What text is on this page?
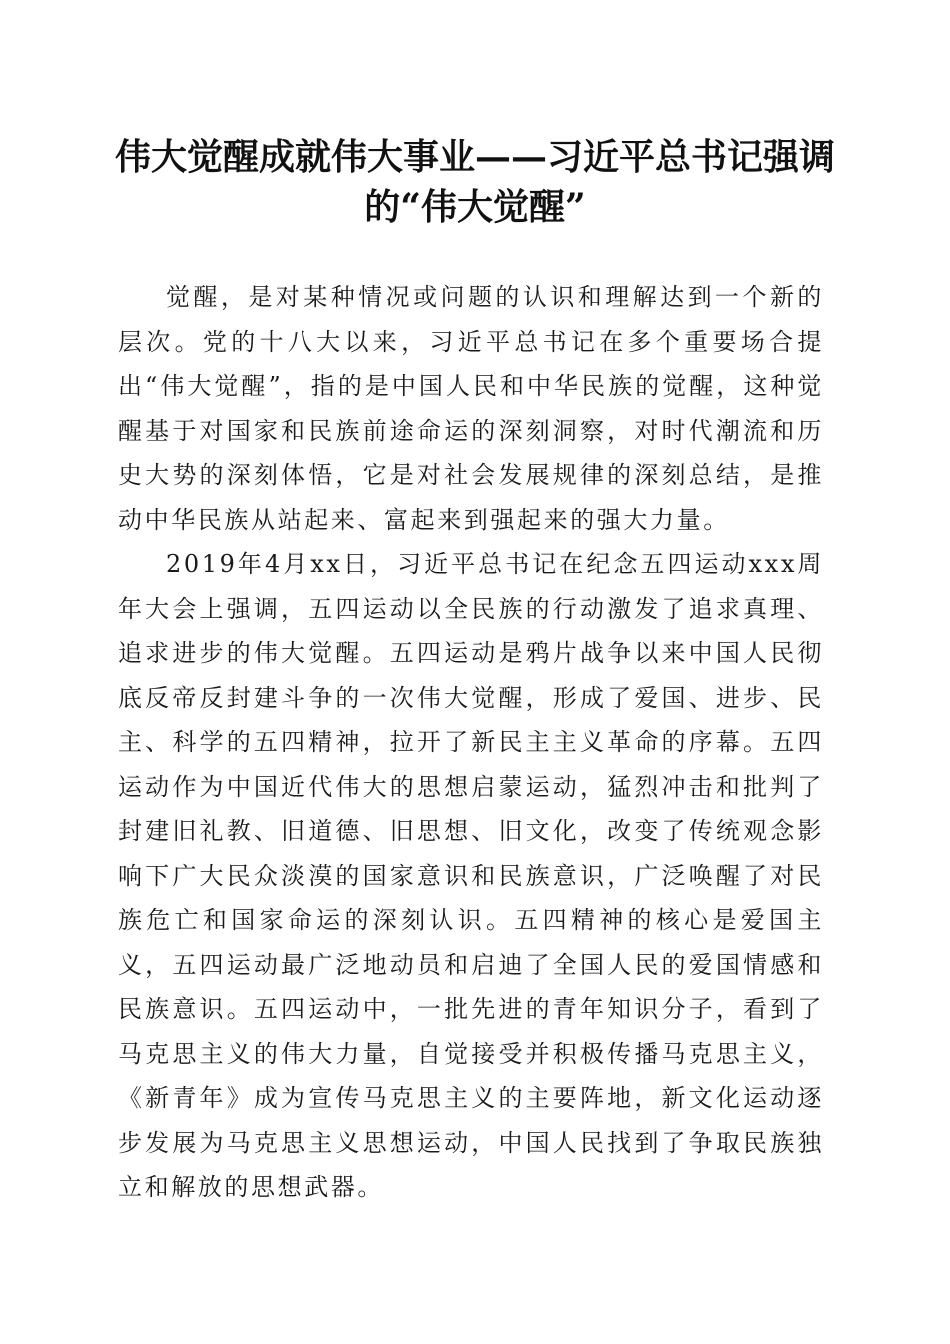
伟大觉醒成就伟大事业——习近平总书记强调的“伟大觉醒”

觉醒，是对某种情况或问题的认识和理解达到一个新的层次。党的十八大以来，习近平总书记在多个重要场合提出“伟大觉醒”，指的是中国人民和中华民族的觉醒，这种觉醒基于对国家和民族前途命运的深刻洞察，对时代潮流和历史大势的深刻体悟，它是对社会发展规律的深刻总结，是推动中华民族从站起来、富起来到强起来的强大力量。

2019年4月xx日，习近平总书记在纪念五四运动xxx周年大会上强调，五四运动以全民族的行动激发了追求真理、追求进步的伟大觉醒。五四运动是鸦片战争以来中国人民彻底反帝反封建斗争的一次伟大觉醒，形成了爱国、进步、民主、科学的五四精神，拉开了新民主主义革命的序幕。五四运动作为中国近代伟大的思想启蒙运动，猛烈冲击和批判了封建旧礼教、旧道德、旧思想、旧文化，改变了传统观念影响下广大民众淡漠的国家意识和民族意识，广泛唤醒了对民族危亡和国家命运的深刻认识。五四精神的核心是爱国主义，五四运动最广泛地动员和启迪了全国人民的爱国情感和民族意识。五四运动中，一批先进的青年知识分子，看到了马克思主义的伟大力量，自觉接受并积极传播马克思主义，《新青年》成为宣传马克思主义的主要阵地，新文化运动逐步发展为马克思主义思想运动，中国人民找到了争取民族独立和解放的思想武器。
